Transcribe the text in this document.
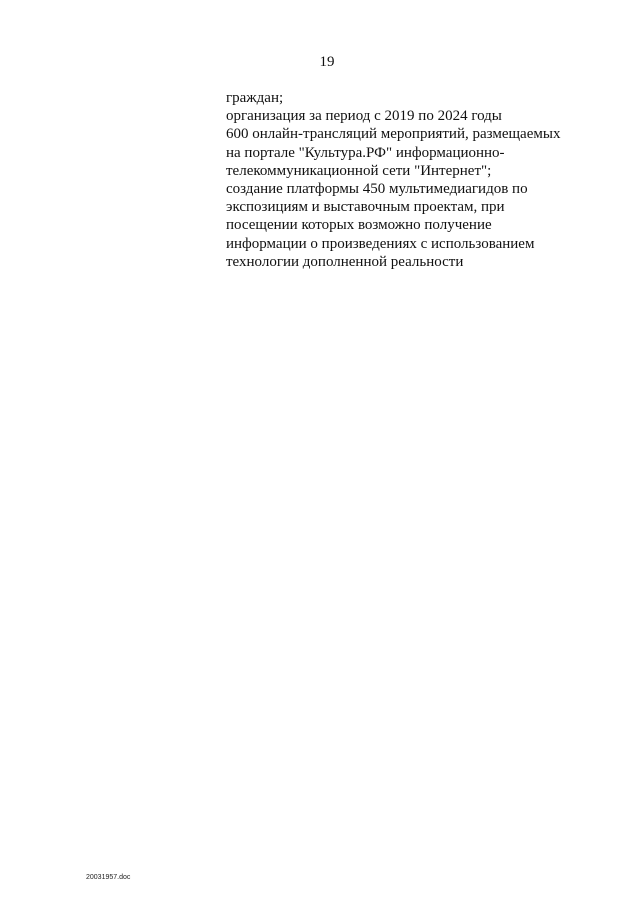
19
граждан;
организация за период с 2019 по 2024 годы
600 онлайн-трансляций мероприятий, размещаемых
на портале "Культура.РФ" информационно-
телекоммуникационной сети "Интернет";
создание платформы 450 мультимедиагидов по
экспозициям и выставочным проектам, при
посещении которых возможно получение
информации о произведениях с использованием
технологии дополненной реальности
20031957.doc
